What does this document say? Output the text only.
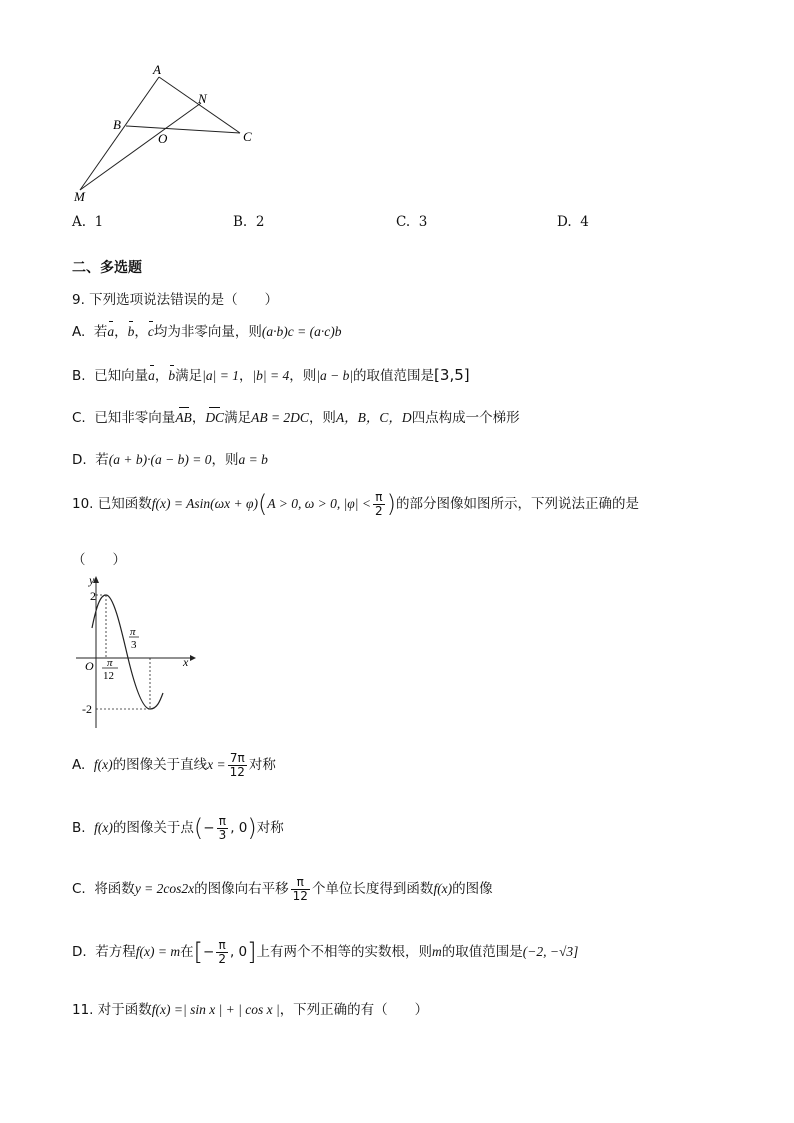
A
N
B
O	C
M
A. 1	B. 2	C. 3	D. 4
二、多选题
9. 下列选项说法错误的是（　　）
A. 若a，b，c均为非零向量，则(a·b)c = (a·c)b
B. 已知向量a，b满足|a| = 1，|b| = 4，则|a − b|的取值范围是[3,5]
C. 已知非零向量AB，DC满足AB = 2DC，则A，B，C，D四点构成一个梯形
D. 若(a + b)·(a − b) = 0，则a = b
10. 已知函数f(x) = Asin(ωx + φ)(A > 0, ω > 0, $|\varphi| < \frac{\pi}{2}$ )的部分图像如图所示，下列说法正确的是
（　　）
y
x
O
2
-2
π
12
π
3
A. f(x)的图像关于直线$x = \frac{7\pi}{12}$ 对称
B. f(x)的图像关于点(− $\frac{\pi}{3}$ , 0)对称
C. 将函数y = 2cos2x的图像向右平移 $\frac{\pi}{12}$ 个单位长度得到函数f(x)的图像
D. 若方程f(x) = m在[− $\frac{\pi}{2}$ , 0]上有两个不相等的实数根，则m的取值范围是(−2, −√3]
11. 对于函数f(x) =| sin x | + | cos x |，下列正确的有（　　）
